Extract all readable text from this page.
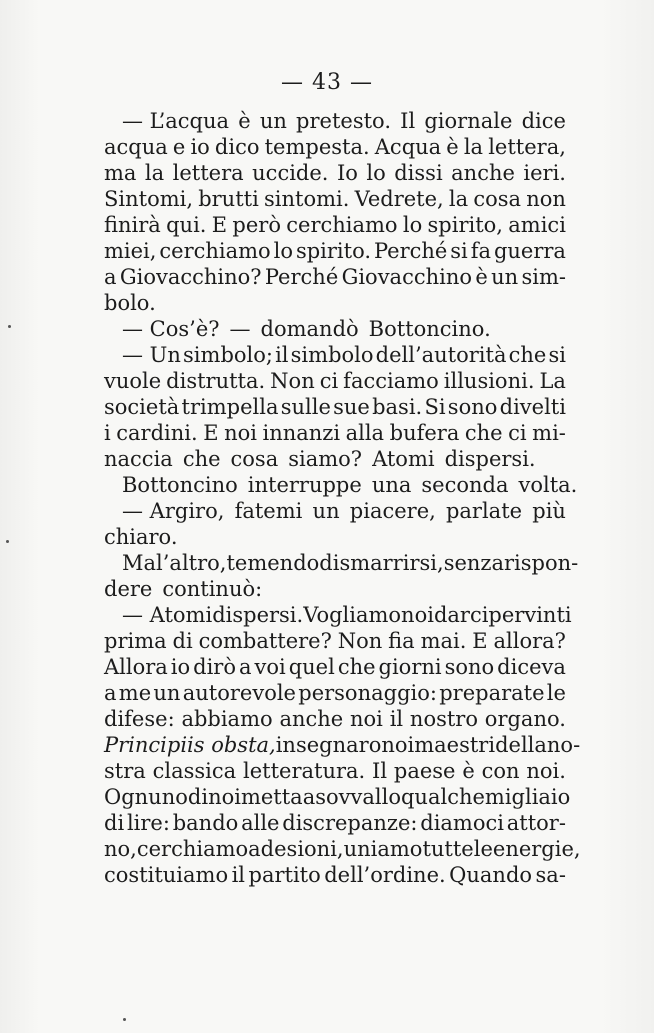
— 43 —
— L’acqua è un pretesto. Il giornale dice
acqua e io dico tempesta. Acqua è la lettera,
ma la lettera uccide. Io lo dissi anche ieri.
Sintomi, brutti sintomi. Vedrete, la cosa non
finirà qui. E però cerchiamo lo spirito, amici
miei, cerchiamo lo spirito. Perché si fa guerra
a Giovacchino? Perché Giovacchino è un sim-
bolo.
— Cos’è? — domandò Bottoncino.
— Un simbolo; il simbolo dell’autorità che si
vuole distrutta. Non ci facciamo illusioni. La
società trimpella sulle sue basi. Si sono divelti
i cardini. E noi innanzi alla bufera che ci mi-
naccia che cosa siamo? Atomi dispersi.
Bottoncino interruppe una seconda volta.
— Argiro, fatemi un piacere, parlate più
chiaro.
Ma l’altro, temendo di smarrirsi, senza rispon-
dere continuò:
— Atomi dispersi. Vogliamo noi darci per vinti
prima di combattere? Non fia mai. E allora?
Allora io dirò a voi quel che giorni sono diceva
a me un autorevole personaggio: preparate le
difese: abbiamo anche noi il nostro organo.
Principiis obsta, insegnarono i maestri della no-
stra classica letteratura. Il paese è con noi.
Ognuno di noi metta a sovvallo qualche migliaio
di lire: bando alle discrepanze: diamoci attor-
no, cerchiamo adesioni, uniamo tutte le energie,
costituiamo il partito dell’ordine. Quando sa-
